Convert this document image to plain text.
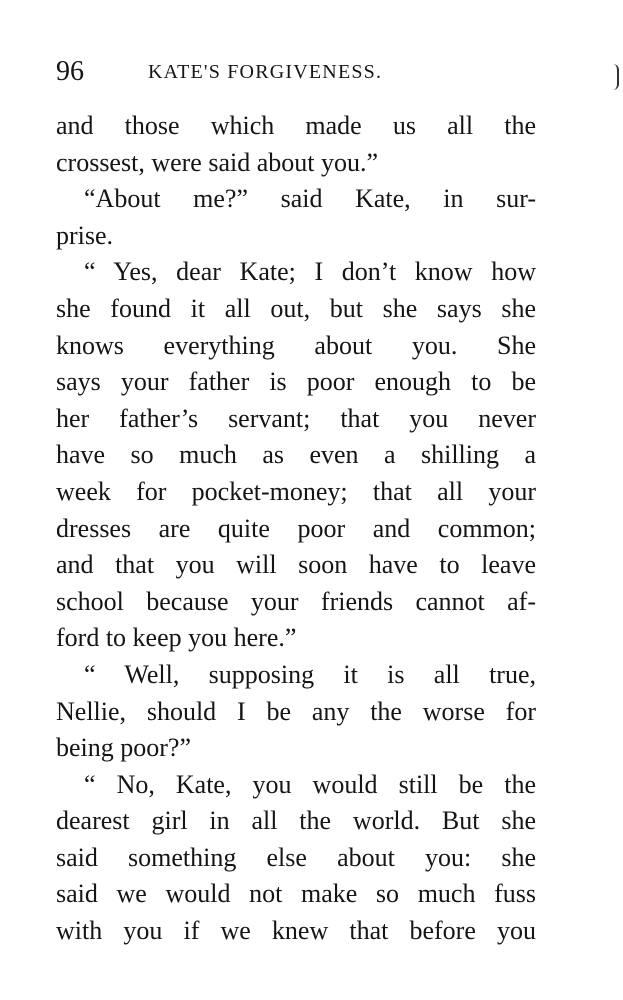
96	KATE'S FORGIVENESS.
and those which made us all the
crossest, were said about you.”
“About me?” said Kate, in sur-
prise.
“ Yes, dear Kate; I don’t know how
she found it all out, but she says she
knows everything about you. She
says your father is poor enough to be
her father’s servant; that you never
have so much as even a shilling a
week for pocket-money; that all your
dresses are quite poor and common;
and that you will soon have to leave
school because your friends cannot af-
ford to keep you here.”
“ Well, supposing it is all true,
Nellie, should I be any the worse for
being poor?”
“ No, Kate, you would still be the
dearest girl in all the world. But she
said something else about you: she
said we would not make so much fuss
with you if we knew that before you
